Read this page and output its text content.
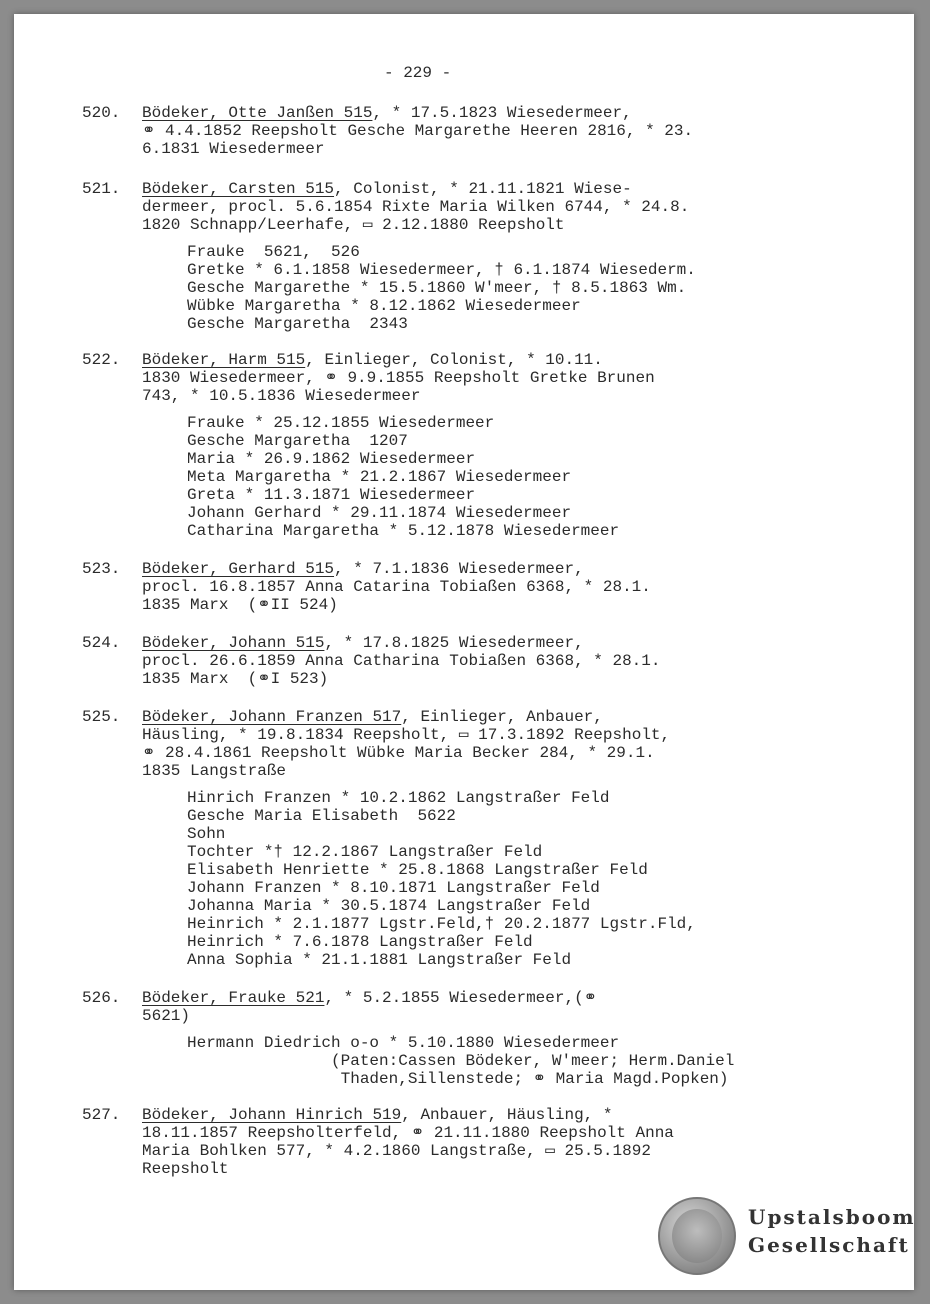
- 229 -
520. Bödeker, Otte Janßen 515, * 17.5.1823 Wiesedermeer,
⚭ 4.4.1852 Reepsholt Gesche Margarethe Heeren 2816, * 23.
6.1831 Wiesedermeer
521. Bödeker, Carsten 515, Colonist, * 21.11.1821 Wiese-
dermeer, procl. 5.6.1854 Rixte Maria Wilken 6744, * 24.8.
1820 Schnapp/Leerhafe, ▭ 2.12.1880 Reepsholt
Frauke  5621,  526
Gretke * 6.1.1858 Wiesedermeer, † 6.1.1874 Wiesederm.
Gesche Margarethe * 15.5.1860 W'meer, † 8.5.1863 Wm.
Wübke Margaretha * 8.12.1862 Wiesedermeer
Gesche Margaretha  2343
522. Bödeker, Harm 515, Einlieger, Colonist, * 10.11.
1830 Wiesedermeer, ⚭ 9.9.1855 Reepsholt Gretke Brunen
743, * 10.5.1836 Wiesedermeer
Frauke * 25.12.1855 Wiesedermeer
Gesche Margaretha  1207
Maria * 26.9.1862 Wiesedermeer
Meta Margaretha * 21.2.1867 Wiesedermeer
Greta * 11.3.1871 Wiesedermeer
Johann Gerhard * 29.11.1874 Wiesedermeer
Catharina Margaretha * 5.12.1878 Wiesedermeer
523. Bödeker, Gerhard 515, * 7.1.1836 Wiesedermeer,
procl. 16.8.1857 Anna Catarina Tobiaßen 6368, * 28.1.
1835 Marx  (⚭II 524)
524. Bödeker, Johann 515, * 17.8.1825 Wiesedermeer,
procl. 26.6.1859 Anna Catharina Tobiaßen 6368, * 28.1.
1835 Marx  (⚭I 523)
525. Bödeker, Johann Franzen 517, Einlieger, Anbauer,
Häusling, * 19.8.1834 Reepsholt, ▭ 17.3.1892 Reepsholt,
⚭ 28.4.1861 Reepsholt Wübke Maria Becker 284, * 29.1.
1835 Langstraße
Hinrich Franzen * 10.2.1862 Langstraßer Feld
Gesche Maria Elisabeth  5622
Sohn
Tochter *† 12.2.1867 Langstraßer Feld
Elisabeth Henriette * 25.8.1868 Langstraßer Feld
Johann Franzen * 8.10.1871 Langstraßer Feld
Johanna Maria * 30.5.1874 Langstraßer Feld
Heinrich * 2.1.1877 Lgstr.Feld,† 20.2.1877 Lgstr.Fld,
Heinrich * 7.6.1878 Langstraßer Feld
Anna Sophia * 21.1.1881 Langstraßer Feld
526. Bödeker, Frauke 521, * 5.2.1855 Wiesedermeer,(⚭
5621)
Hermann Diedrich o-o * 5.10.1880 Wiesedermeer
(Paten:Cassen Bödeker, W'meer; Herm.Daniel
Thaden,Sillenstede; ⚭ Maria Magd.Popken)
527. Bödeker, Johann Hinrich 519, Anbauer, Häusling, *
18.11.1857 Reepsholterfeld, ⚭ 21.11.1880 Reepsholt Anna
Maria Bohlken 577, * 4.2.1860 Langstraße, ▭ 25.5.1892
Reepsholt
Upstalsboom
Gesellschaft
